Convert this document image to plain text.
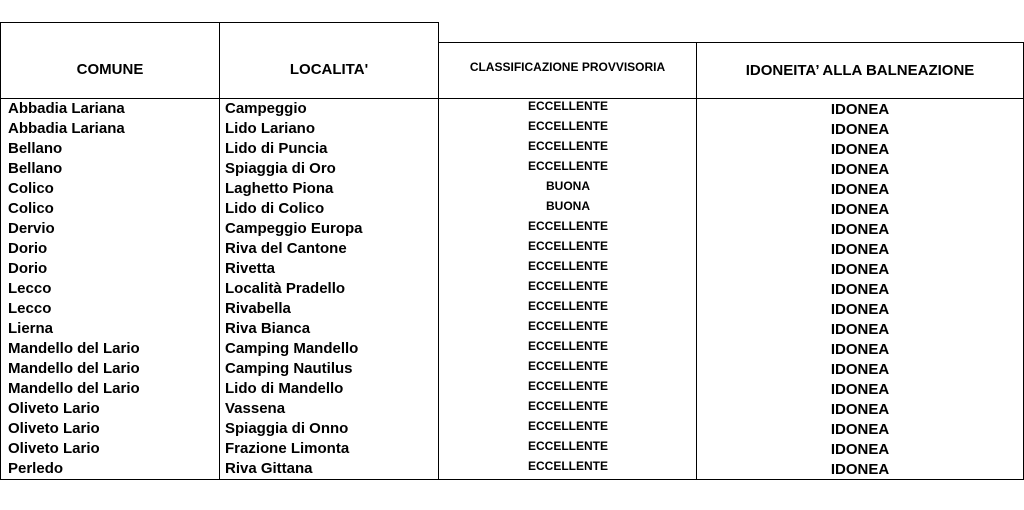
COMUNE	LOCALITA'	CLASSIFICAZIONE PROVVISORIA	IDONEITA’ ALLA BALNEAZIONE
Abbadia Lariana	Campeggio	ECCELLENTE	IDONEA
Abbadia Lariana	Lido Lariano	ECCELLENTE	IDONEA
Bellano	Lido di Puncia	ECCELLENTE	IDONEA
Bellano	Spiaggia di Oro	ECCELLENTE	IDONEA
Colico	Laghetto Piona	BUONA	IDONEA
Colico	Lido di Colico	BUONA	IDONEA
Dervio	Campeggio Europa	ECCELLENTE	IDONEA
Dorio	Riva del Cantone	ECCELLENTE	IDONEA
Dorio	Rivetta	ECCELLENTE	IDONEA
Lecco	Località Pradello	ECCELLENTE	IDONEA
Lecco	Rivabella	ECCELLENTE	IDONEA
Lierna	Riva Bianca	ECCELLENTE	IDONEA
Mandello del Lario	Camping Mandello	ECCELLENTE	IDONEA
Mandello del Lario	Camping Nautilus	ECCELLENTE	IDONEA
Mandello del Lario	Lido di Mandello	ECCELLENTE	IDONEA
Oliveto Lario	Vassena	ECCELLENTE	IDONEA
Oliveto Lario	Spiaggia di Onno	ECCELLENTE	IDONEA
Oliveto Lario	Frazione Limonta	ECCELLENTE	IDONEA
Perledo	Riva Gittana	ECCELLENTE	IDONEA
